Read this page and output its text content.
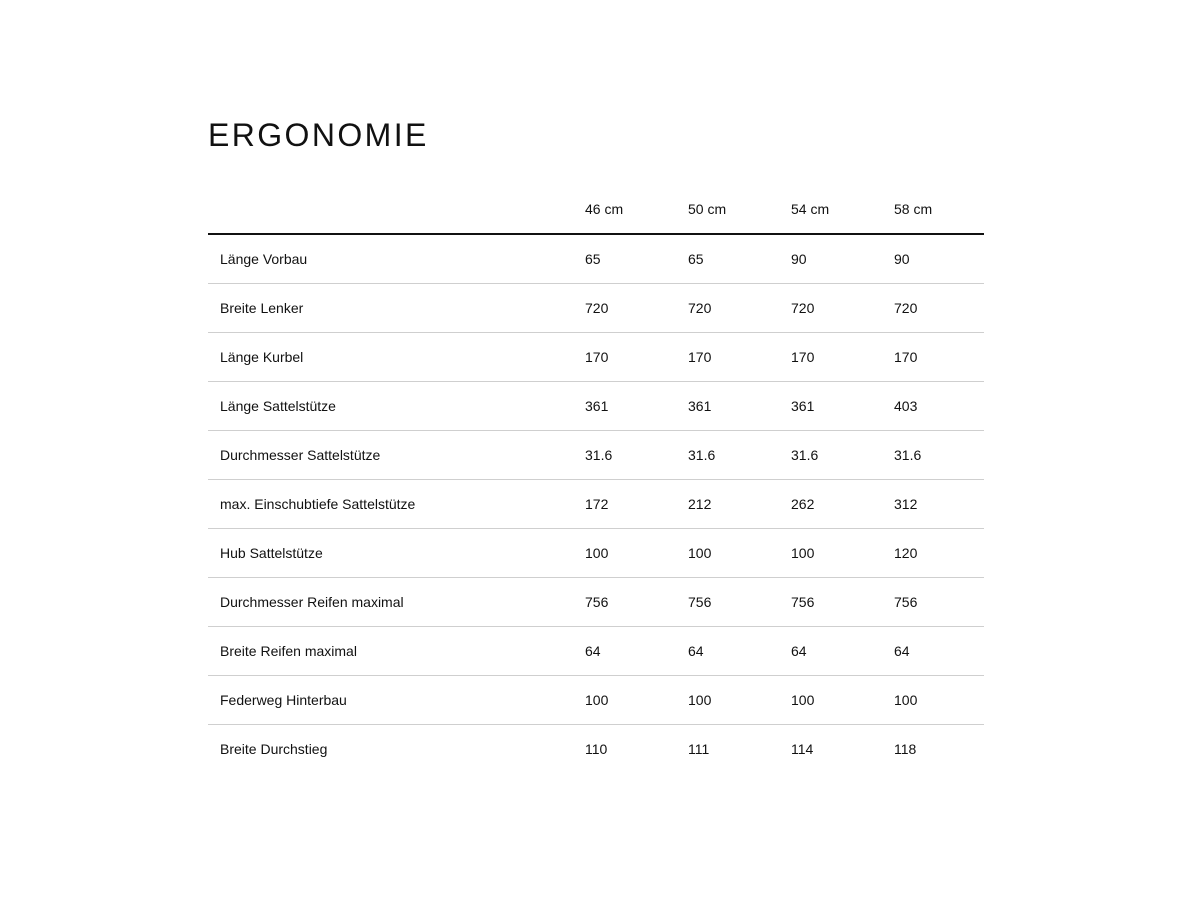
ERGONOMIE
	46 cm	50 cm	54 cm	58 cm
Länge Vorbau	65	65	90	90
Breite Lenker	720	720	720	720
Länge Kurbel	170	170	170	170
Länge Sattelstütze	361	361	361	403
Durchmesser Sattelstütze	31.6	31.6	31.6	31.6
max. Einschubtiefe Sattelstütze	172	212	262	312
Hub Sattelstütze	100	100	100	120
Durchmesser Reifen maximal	756	756	756	756
Breite Reifen maximal	64	64	64	64
Federweg Hinterbau	100	100	100	100
Breite Durchstieg	110	111	114	118
